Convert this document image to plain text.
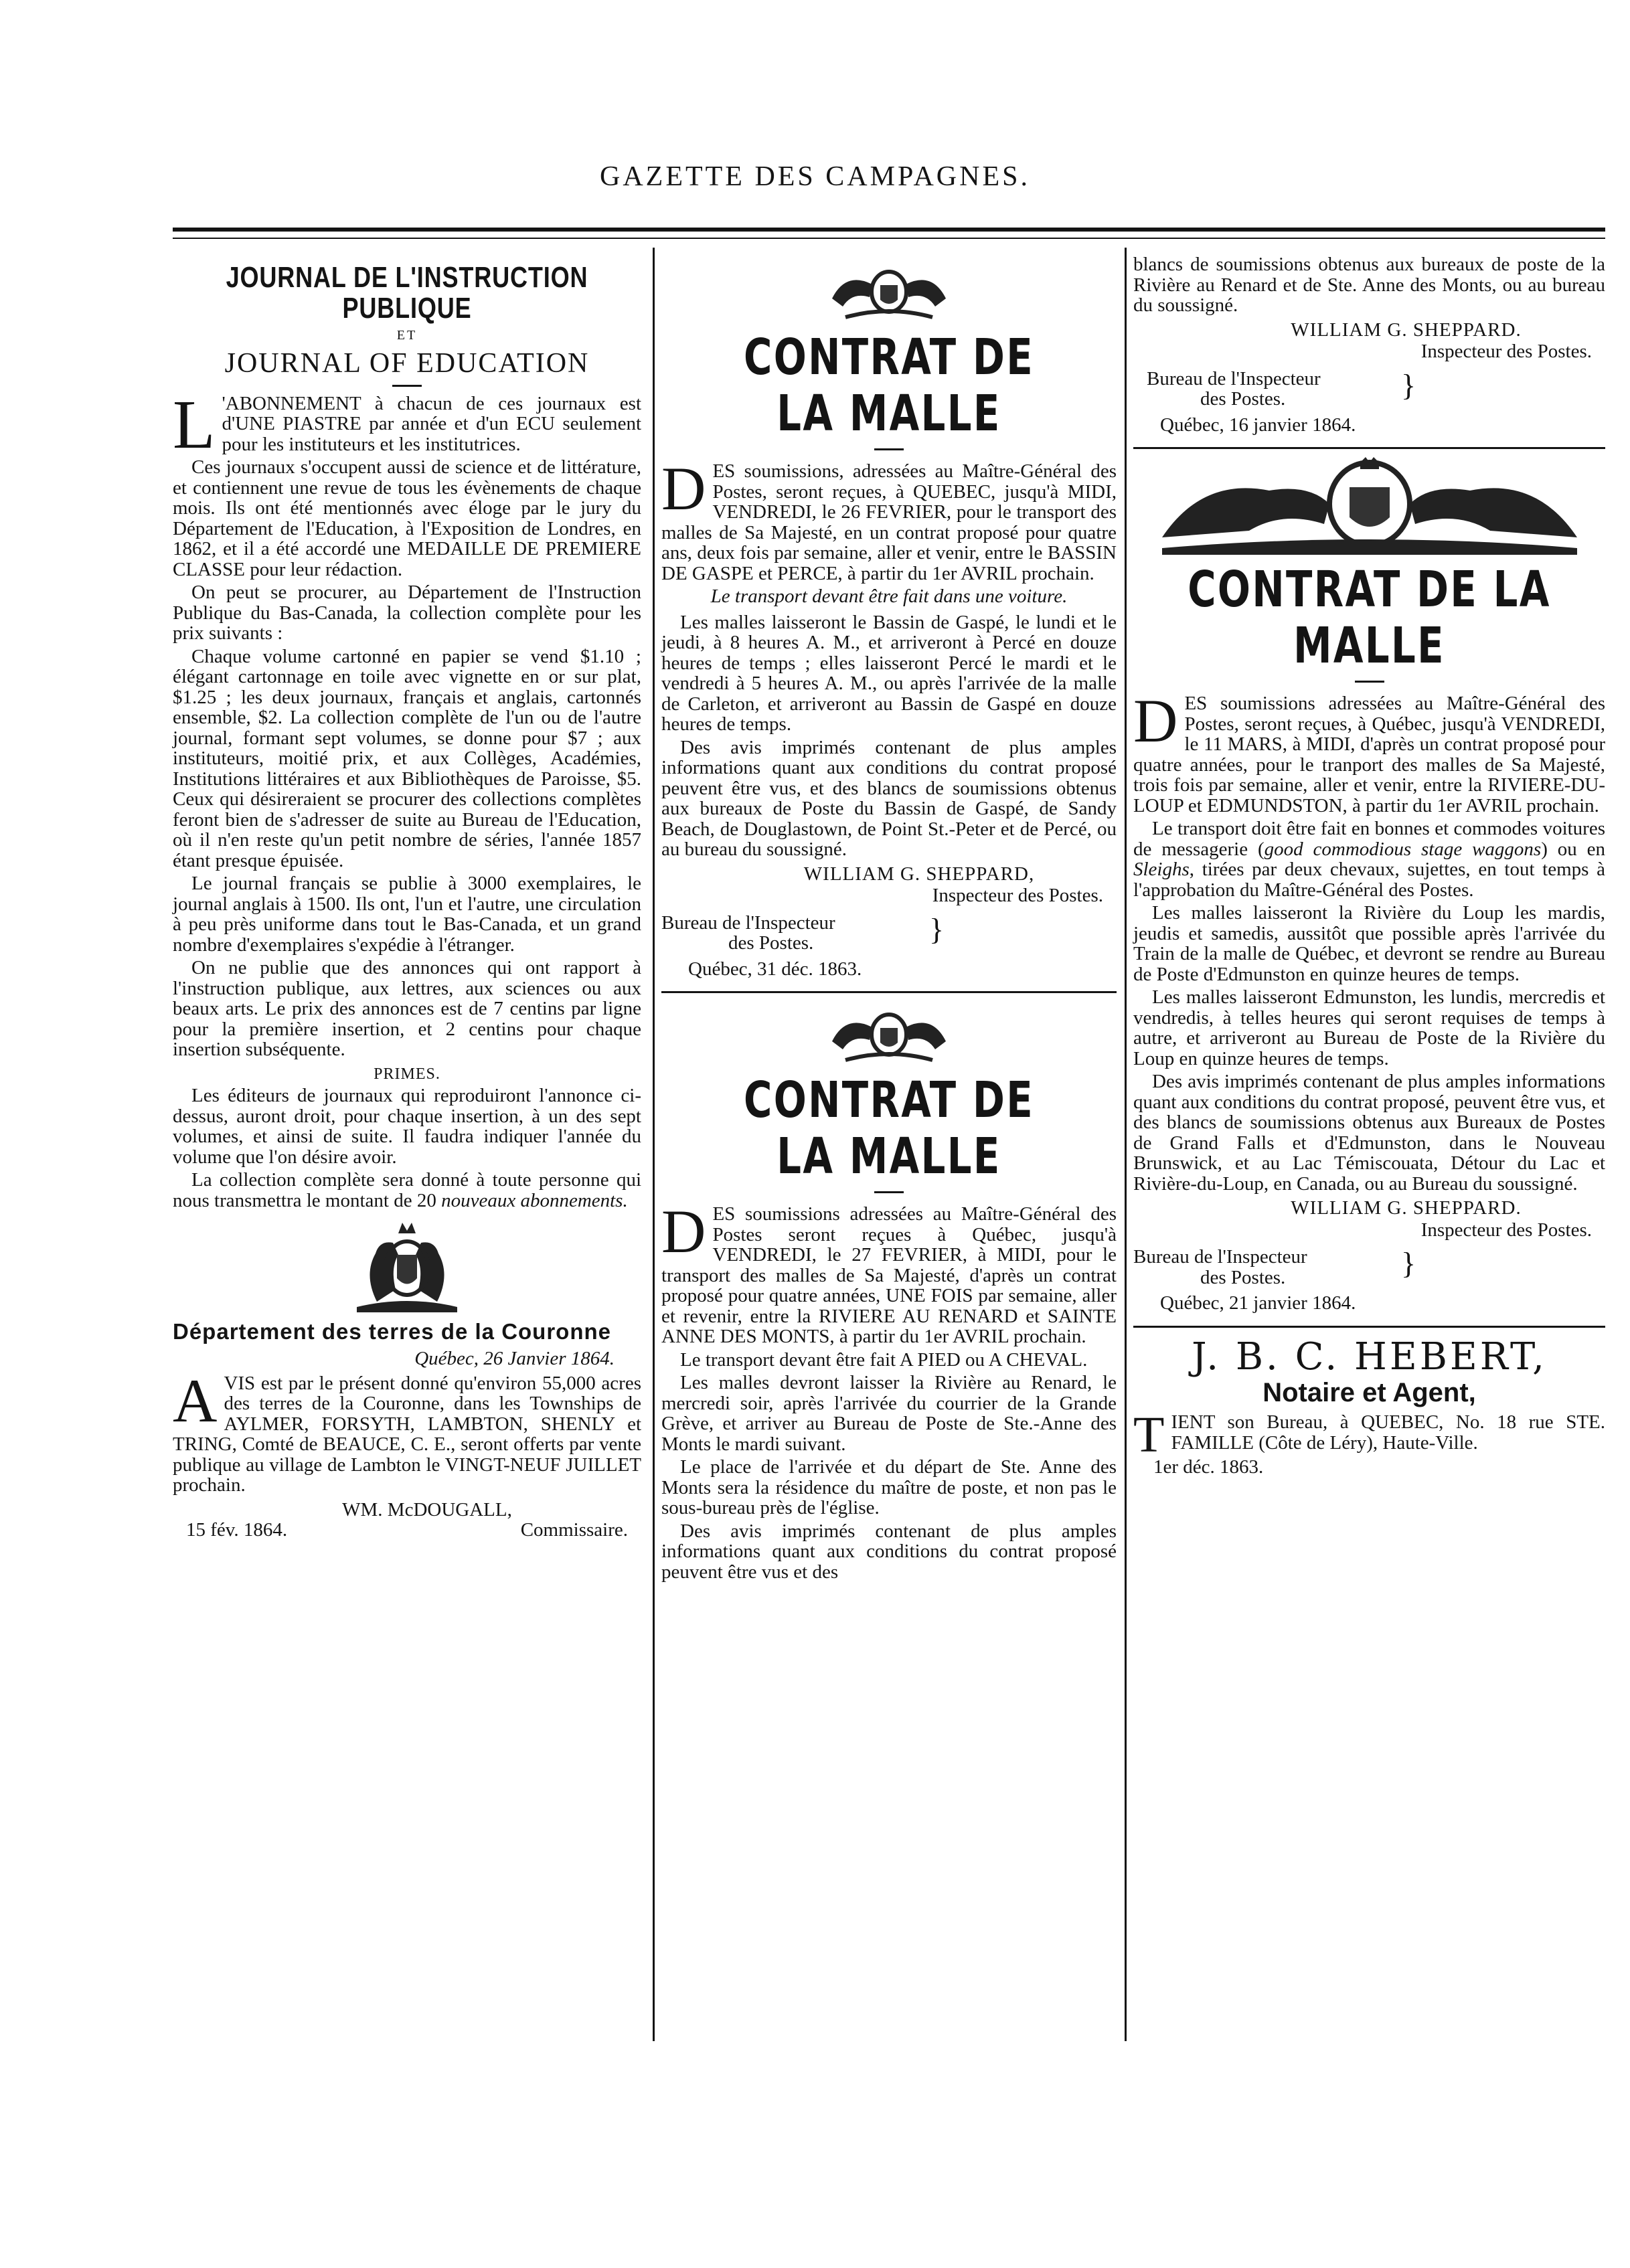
GAZETTE DES CAMPAGNES.
JOURNAL DE L'INSTRUCTION PUBLIQUE
ET
JOURNAL OF EDUCATION

L 'ABONNEMENT à chacun de ces journaux est d'UNE PIASTRE par année et d'un ECU seulement pour les instituteurs et les institutrices.

Ces journaux s'occupent aussi de science et de littérature, et contiennent une revue de tous les évènements de chaque mois. Ils ont été mentionnés avec éloge par le jury du Département de l'Education, à l'Exposition de Londres, en 1862, et il a été accordé une MEDAILLE DE PREMIERE CLASSE pour leur rédaction.

On peut se procurer, au Département de l'Instruction Publique du Bas-Canada, la collection complète pour les prix suivants :

Chaque volume cartonné en papier se vend $1.10 ; élégant cartonnage en toile avec vignette en or sur plat, $1.25 ; les deux journaux, français et anglais, cartonnés ensemble, $2. La collection complète de l'un ou de l'autre journal, formant sept volumes, se donne pour $7 ; aux instituteurs, moitié prix, et aux Collèges, Académies, Institutions littéraires et aux Bibliothèques de Paroisse, $5. Ceux qui désireraient se procurer des collections complètes feront bien de s'adresser de suite au Bureau de l'Education, où il n'en reste qu'un petit nombre de séries, l'année 1857 étant presque épuisée.

Le journal français se publie à 3000 exemplaires, le journal anglais à 1500. Ils ont, l'un et l'autre, une circulation à peu près uniforme dans tout le Bas-Canada, et un grand nombre d'exemplaires s'expédie à l'étranger.

On ne publie que des annonces qui ont rapport à l'instruction publique, aux lettres, aux sciences ou aux beaux arts. Le prix des annonces est de 7 centins par ligne pour la première insertion, et 2 centins pour chaque insertion subséquente.

PRIMES.

Les éditeurs de journaux qui reproduiront l'annonce ci-dessus, auront droit, pour chaque insertion, à un des sept volumes, et ainsi de suite. Il faudra indiquer l'année du volume que l'on désire avoir.

La collection complète sera donné à toute personne qui nous transmettra le montant de 20 nouveaux abonnements.

Département des terres de la Couronne
Québec, 26 Janvier 1864.

AVIS est par le présent donné qu'environ 55,000 acres des terres de la Couronne, dans les Townships de AYLMER, FORSYTH, LAMBTON, SHENLY et TRING, Comté de BEAUCE, C. E., seront offerts par vente publique au village de Lambton le VINGT-NEUF JUILLET prochain.

WM. McDOUGALL,
15 fév. 1864.	Commissaire.
CONTRAT DE LA MALLE

DES soumissions, adressées au Maître-Général des Postes, seront reçues, à QUEBEC, jusqu'à MIDI, VENDREDI, le 26 FEVRIER, pour le transport des malles de Sa Majesté, en un contrat proposé pour quatre ans, deux fois par semaine, aller et venir, entre le BASSIN DE GASPE et PERCE, à partir du 1er AVRIL prochain.

Le transport devant être fait dans une voiture.

Les malles laisseront le Bassin de Gaspé, le lundi et le jeudi, à 8 heures A. M., et arriveront à Percé en douze heures de temps ; elles laisseront Percé le mardi et le vendredi à 5 heures A. M., ou après l'arrivée de la malle de Carleton, et arriveront au Bassin de Gaspé en douze heures de temps.

Des avis imprimés contenant de plus amples informations quant aux conditions du contrat proposé peuvent être vus, et des blancs de soumissions obtenus aux bureaux de Poste du Bassin de Gaspé, de Sandy Beach, de Douglastown, de Point St.-Peter et de Percé, ou au bureau du soussigné.

WILLIAM G. SHEPPARD,
Inspecteur des Postes.
Bureau de l'Inspecteur
des Postes.	}
Québec, 31 déc. 1863.
CONTRAT DE LA MALLE

DES soumissions adressées au Maître-Général des Postes seront reçues à Québec, jusqu'à VENDREDI, le 27 FEVRIER, à MIDI, pour le transport des malles de Sa Majesté, d'après un contrat proposé pour quatre années, UNE FOIS par semaine, aller et revenir, entre la RIVIERE AU RENARD et SAINTE ANNE DES MONTS, à partir du 1er AVRIL prochain.

Le transport devant être fait A PIED ou A CHEVAL.

Les malles devront laisser la Rivière au Renard, le mercredi soir, après l'arrivée du courrier de la Grande Grève, et arriver au Bureau de Poste de Ste.-Anne des Monts le mardi suivant.

Le place de l'arrivée et du départ de Ste. Anne des Monts sera la résidence du maître de poste, et non pas le sous-bureau près de l'église.

Des avis imprimés contenant de plus amples informations quant aux conditions du contrat proposé peuvent être vus et des

blancs de soumissions obtenus aux bureaux de poste de la Rivière au Renard et de Ste. Anne des Monts, ou au bureau du soussigné.

WILLIAM G. SHEPPARD.
Inspecteur des Postes.
Bureau de l'Inspecteur
des Postes.	}
Québec, 16 janvier 1864.
CONTRAT DE LA MALLE

DES soumissions adressées au Maître-Général des Postes, seront reçues, à Québec, jusqu'à VENDREDI, le 11 MARS, à MIDI, d'après un contrat proposé pour quatre années, pour le tranport des malles de Sa Majesté, trois fois par semaine, aller et venir, entre la RIVIERE-DU-LOUP et EDMUNDSTON, à partir du 1er AVRIL prochain.

Le transport doit être fait en bonnes et commodes voitures de messagerie (good commodious stage waggons) ou en Sleighs, tirées par deux chevaux, sujettes, en tout temps à l'approbation du Maître-Général des Postes.

Les malles laisseront la Rivière du Loup les mardis, jeudis et samedis, aussitôt que possible après l'arrivée du Train de la malle de Québec, et devront se rendre au Bureau de Poste d'Edmunston en quinze heures de temps.

Les malles laisseront Edmunston, les lundis, mercredis et vendredis, à telles heures qui seront requises de temps à autre, et arriveront au Bureau de Poste de la Rivière du Loup en quinze heures de temps.

Des avis imprimés contenant de plus amples informations quant aux conditions du contrat proposé, peuvent être vus, et des blancs de soumissions obtenus aux Bureaux de Postes de Grand Falls et d'Edmunston, dans le Nouveau Brunswick, et au Lac Témiscouata, Détour du Lac et Rivière-du-Loup, en Canada, ou au Bureau du soussigné.

WILLIAM G. SHEPPARD.
Inspecteur des Postes.
Bureau de l'Inspecteur
des Postes.	}
Québec, 21 janvier 1864.
J. B. C. HEBERT,
Notaire et Agent,

TIENT son Bureau, à QUEBEC, No. 18 rue STE. FAMILLE (Côte de Léry), Haute-Ville.

1er déc. 1863.
